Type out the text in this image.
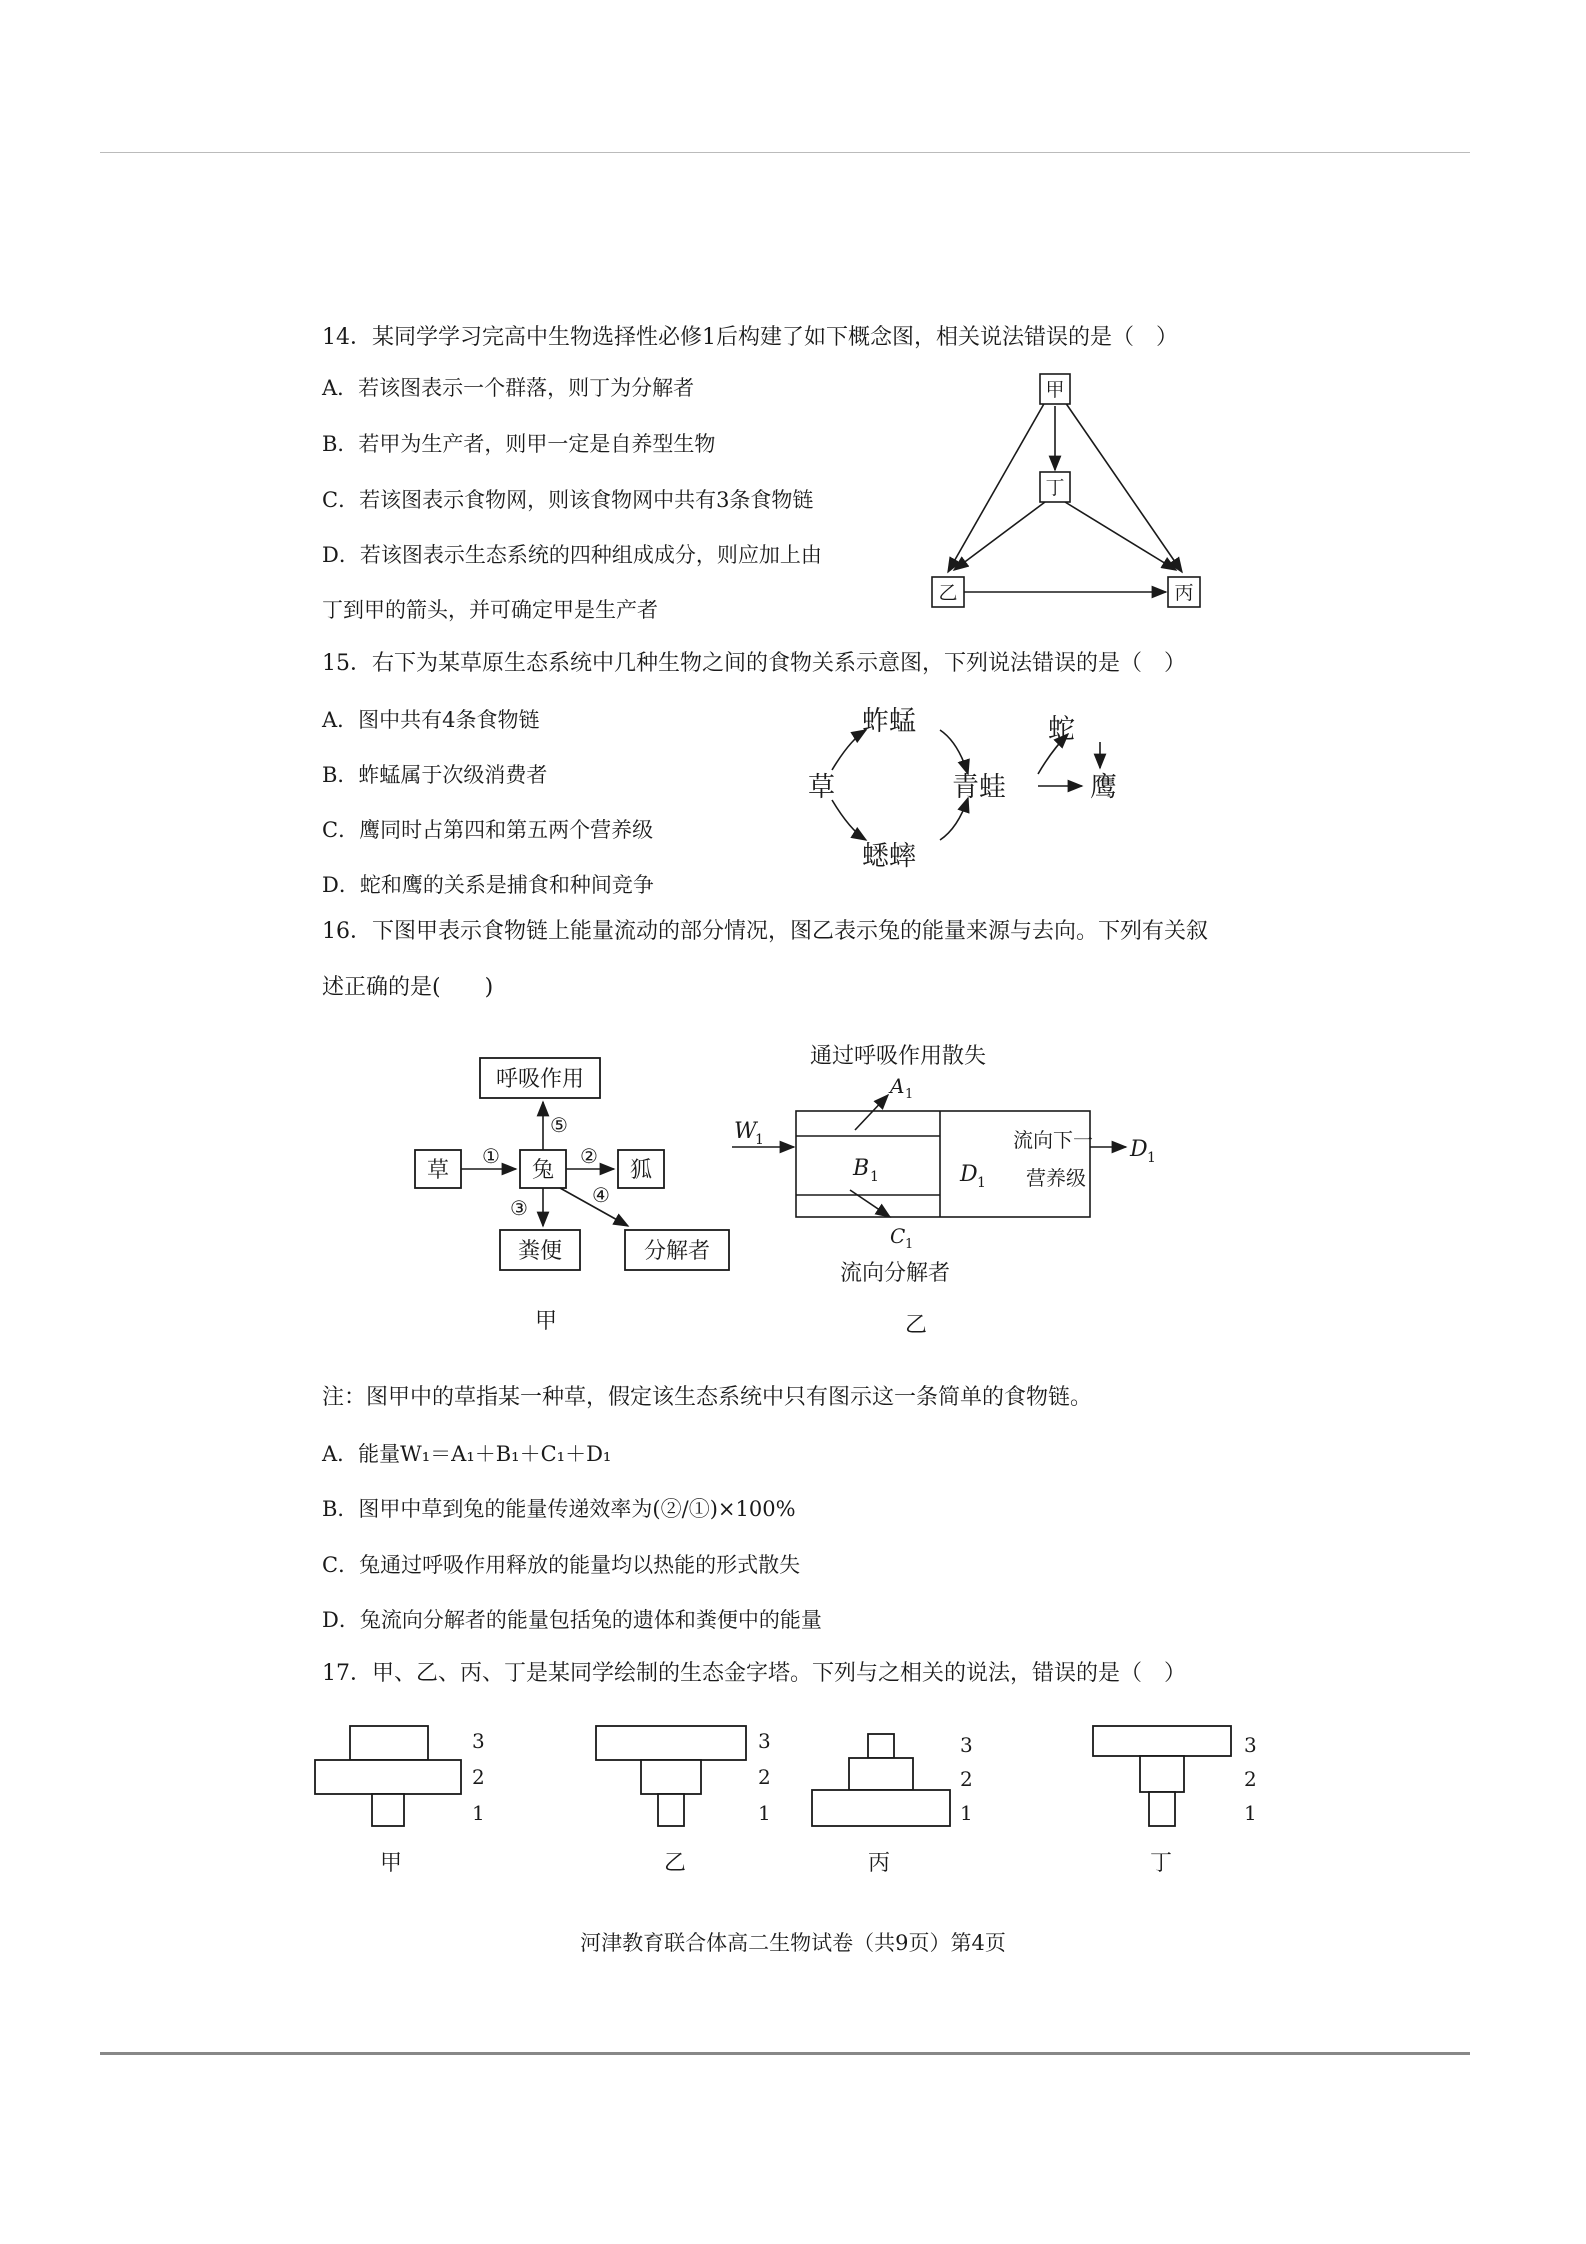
14．某同学学习完高中生物选择性必修1后构建了如下概念图，相关说法错误的是（　）
A．若该图表示一个群落，则丁为分解者
B．若甲为生产者，则甲一定是自养型生物
C．若该图表示食物网，则该食物网中共有3条食物链
D．若该图表示生态系统的四种组成成分，则应加上由
丁到甲的箭头，并可确定甲是生产者
甲
丁
乙	丙
15．右下为某草原生态系统中几种生物之间的食物关系示意图，下列说法错误的是（　）
A．图中共有4条食物链
B．蚱蜢属于次级消费者
C．鹰同时占第四和第五两个营养级
D．蛇和鹰的关系是捕食和种间竞争
草
蚱蜢
蟋蟀
青蛙
蛇
鹰
16．下图甲表示食物链上能量流动的部分情况，图乙表示兔的能量来源与去向。下列有关叙
述正确的是(　　)
呼吸作用
草	兔	狐
粪便	分解者
①	②
③
④
⑤
甲
通过呼吸作用散失
W
1
A 1
B 1	D 1
C 1
流向下一
营养级
D 1
流向分解者
乙
注：图甲中的草指某一种草，假定该生态系统中只有图示这一条简单的食物链。
A．能量W₁＝A₁＋B₁＋C₁＋D₁
B．图甲中草到兔的能量传递效率为(②/①)×100%
C．兔通过呼吸作用释放的能量均以热能的形式散失
D．兔流向分解者的能量包括兔的遗体和粪便中的能量
17．甲、乙、丙、丁是某同学绘制的生态金字塔。下列与之相关的说法，错误的是（　）
3
2
1
3
2
1
3
2
1
3
2
1
甲	乙	丙	丁
河津教育联合体高二生物试卷（共9页）第4页
